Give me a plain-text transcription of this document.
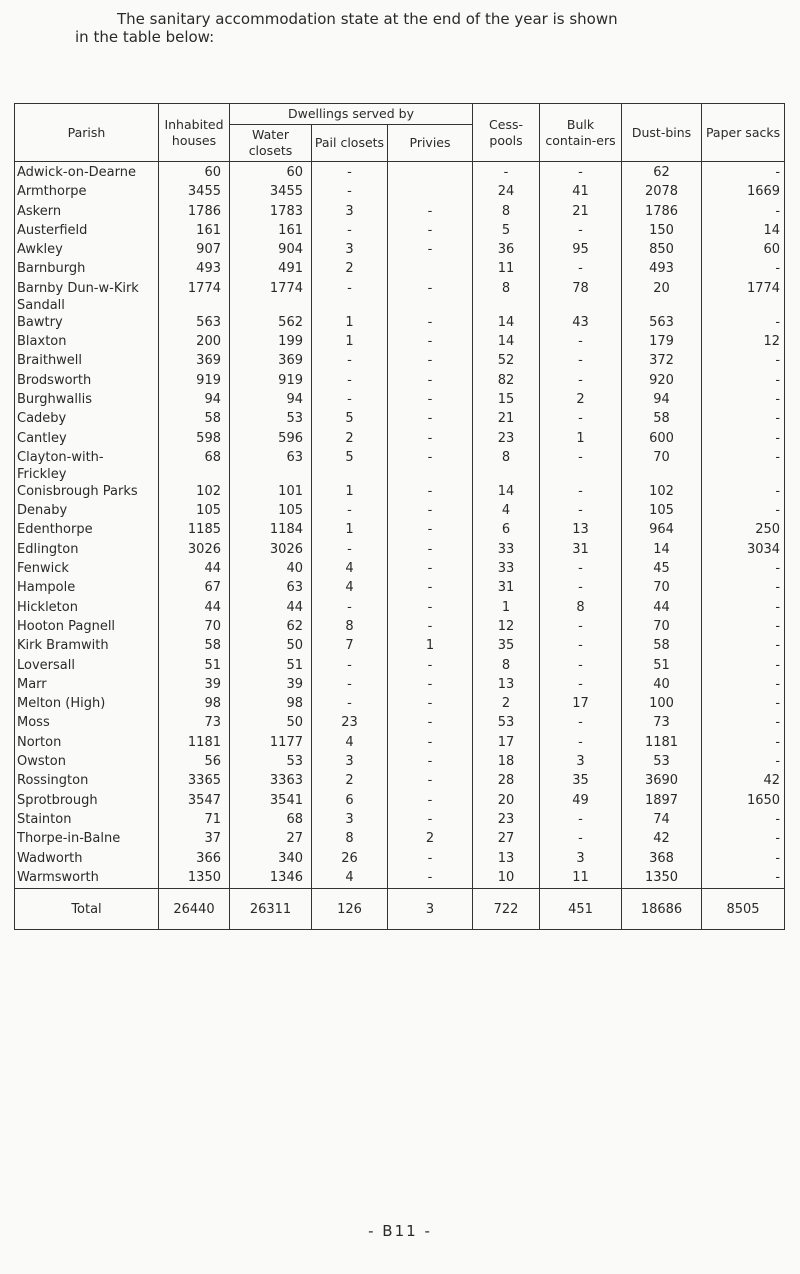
The sanitary accommodation state at the end of the year is shown

in the table below:

Parish	Inhabited houses	Dwellings served by			Cess-pools	Bulk contain-ers	Dust-bins	Paper sacks
		Water closets	Pail closets	Privies				
Adwick-on-Dearne	60	60	-		-	-	62	-
Armthorpe	3455	3455	-		24	41	2078	1669
Askern	1786	1783	3	-	8	21	1786	-
Austerfield	161	161	-	-	5	-	150	14
Awkley	907	904	3	-	36	95	850	60
Barnburgh	493	491	2		11	-	493	-
Barnby Dun-w-Kirk Sandall	1774	1774	-	-	8	78	20	1774
Bawtry	563	562	1	-	14	43	563	-
Blaxton	200	199	1	-	14	-	179	12
Braithwell	369	369	-	-	52	-	372	-
Brodsworth	919	919	-	-	82	-	920	-
Burghwallis	94	94	-	-	15	2	94	-
Cadeby	58	53	5	-	21	-	58	-
Cantley	598	596	2	-	23	1	600	-
Clayton-with-Frickley	68	63	5	-	8	-	70	-
Conisbrough Parks	102	101	1	-	14	-	102	-
Denaby	105	105	-	-	4	-	105	-
Edenthorpe	1185	1184	1	-	6	13	964	250
Edlington	3026	3026	-	-	33	31	14	3034
Fenwick	44	40	4	-	33	-	45	-
Hampole	67	63	4	-	31	-	70	-
Hickleton	44	44	-	-	1	8	44	-
Hooton Pagnell	70	62	8	-	12	-	70	-
Kirk Bramwith	58	50	7	1	35	-	58	-
Loversall	51	51	-	-	8	-	51	-
Marr	39	39	-	-	13	-	40	-
Melton (High)	98	98	-	-	2	17	100	-
Moss	73	50	23	-	53	-	73	-
Norton	1181	1177	4	-	17	-	1181	-
Owston	56	53	3	-	18	3	53	-
Rossington	3365	3363	2	-	28	35	3690	42
Sprotbrough	3547	3541	6	-	20	49	1897	1650
Stainton	71	68	3	-	23	-	74	-
Thorpe-in-Balne	37	27	8	2	27	-	42	-
Wadworth	366	340	26	-	13	3	368	-
Warmsworth	1350	1346	4	-	10	11	1350	-
Total	26440	26311	126	3	722	451	18686	8505
- B11 -
